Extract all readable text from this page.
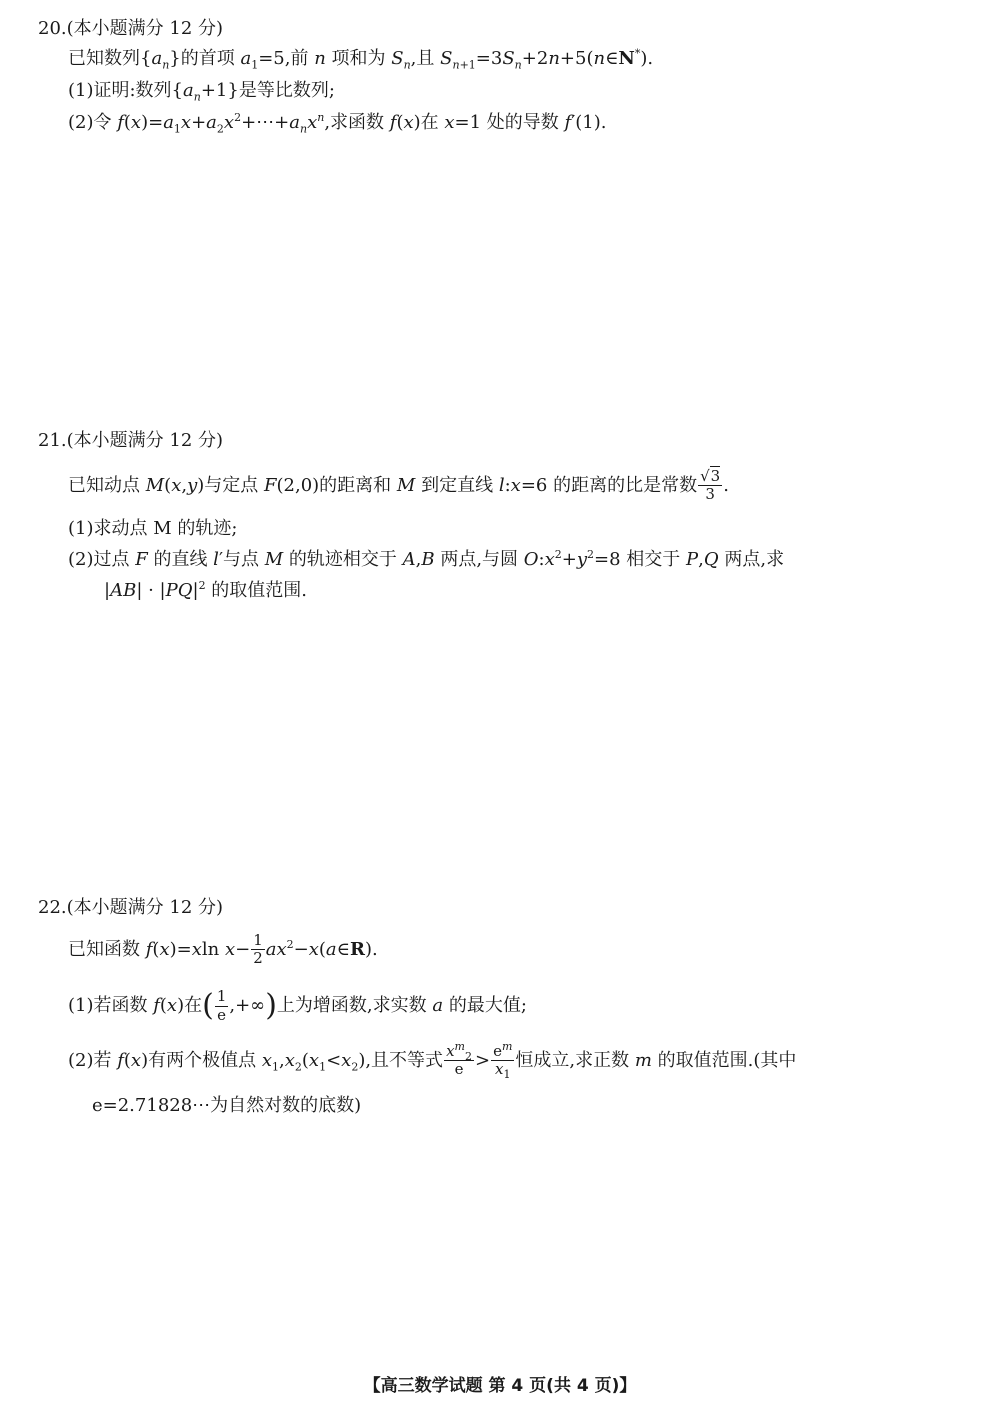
20.(本小题满分 12 分)
已知数列$\{a_n\}$的首项 $a_1=5$,前 n 项和为 $S_n$,且 $S_{n+1}=3S_n+2n+5(n\in N^*)$.
(1)证明:数列$\{a_n+1\}$是等比数列;
(2)令 $f(x)=a_1x+a_2x^2+\cdots+a_nx^n$,求函数 f(x)在 x=1 处的导数 f′(1).
21.(本小题满分 12 分)
已知动点 M(x,y)与定点 F(2,0)的距离和 M 到定直线 l:x=6 的距离的比是常数 $\frac{√3}{3}$ .
(1)求动点 M 的轨迹;
(2)过点 F 的直线 l′与点 M 的轨迹相交于 A,B 两点,与圆 $O:x^2+y^2=8$ 相交于 P,Q 两点,求
$|AB| \cdot |PQ|^2$ 的取值范围.
22.(本小题满分 12 分)
已知函数 f(x)=xln $x- \frac{1}{2}$ $ax^2-x(a\in R)$.
(1)若函数 f(x)在( $\frac{1}{e}$ ,+∞)上为增函数,求实数 a 的最大值;
(2)若 f(x)有两个极值点 $x_1,x_2(x_1<x_2)$,且不等式 $\frac{x^m_2}{e} > \frac{e^m}{x_1}$ 恒成立,求正数 m 的取值范围.(其中
e=2.71828⋯为自然对数的底数)
【高三数学试题 第 4 页(共 4 页)】
